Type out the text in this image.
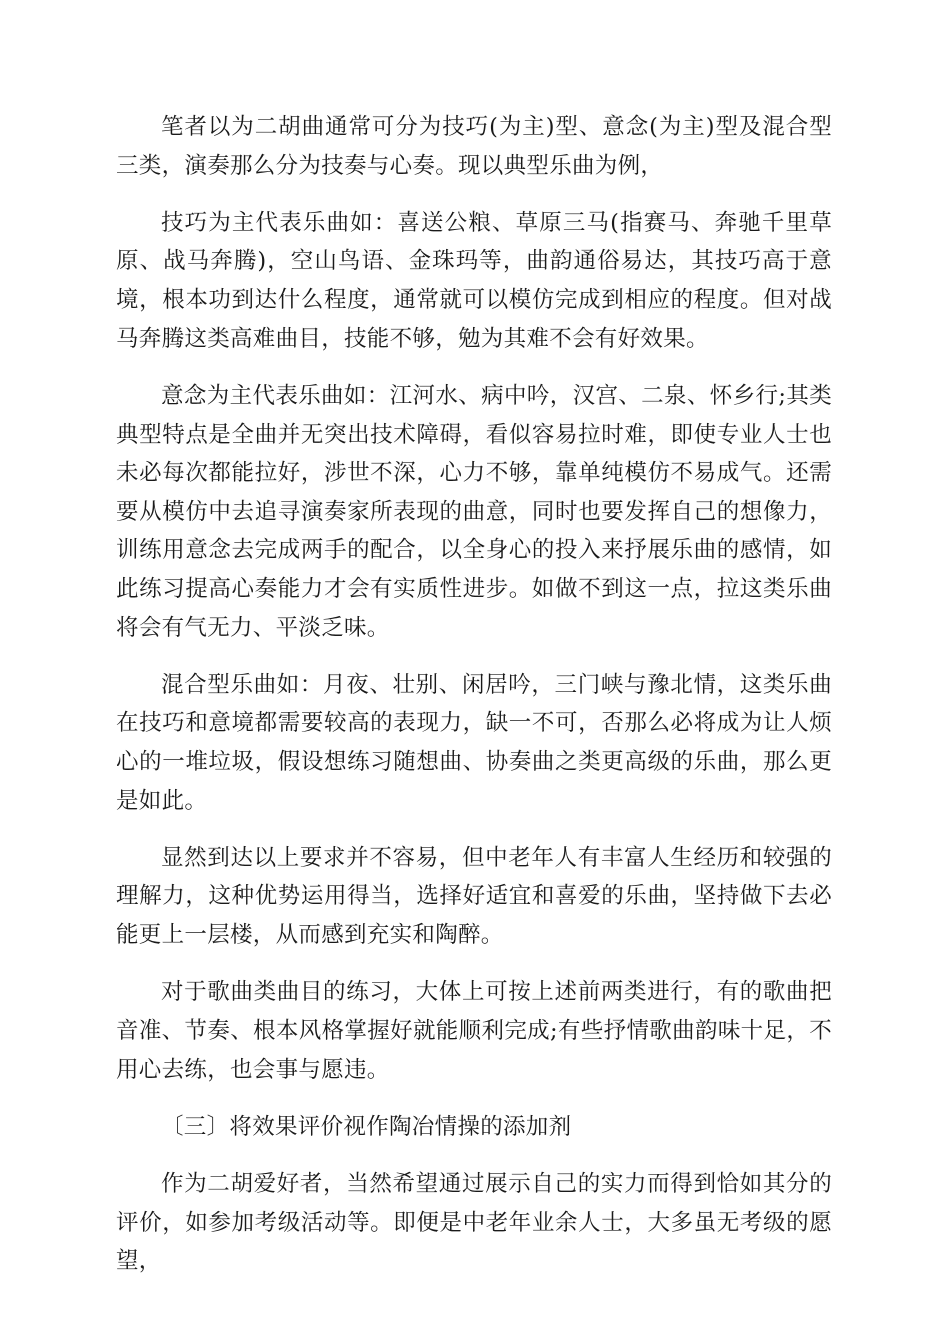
笔者以为二胡曲通常可分为技巧(为主)型、意念(为主)型及混合型三类，演奏那么分为技奏与心奏。现以典型乐曲为例，

技巧为主代表乐曲如：喜送公粮、草原三马(指赛马、奔驰千里草原、战马奔腾)，空山鸟语、金珠玛等，曲韵通俗易达，其技巧高于意境，根本功到达什么程度，通常就可以模仿完成到相应的程度。但对战马奔腾这类高难曲目，技能不够，勉为其难不会有好效果。

意念为主代表乐曲如：江河水、病中吟，汉宫、二泉、怀乡行;其类典型特点是全曲并无突出技术障碍，看似容易拉时难，即使专业人士也未必每次都能拉好，涉世不深，心力不够，靠单纯模仿不易成气。还需要从模仿中去追寻演奏家所表现的曲意，同时也要发挥自己的想像力，训练用意念去完成两手的配合，以全身心的投入来抒展乐曲的感情，如此练习提高心奏能力才会有实质性进步。如做不到这一点，拉这类乐曲将会有气无力、平淡乏味。

混合型乐曲如：月夜、壮别、闲居吟，三门峡与豫北情，这类乐曲在技巧和意境都需要较高的表现力，缺一不可，否那么必将成为让人烦心的一堆垃圾，假设想练习随想曲、协奏曲之类更高级的乐曲，那么更是如此。

显然到达以上要求并不容易，但中老年人有丰富人生经历和较强的理解力，这种优势运用得当，选择好适宜和喜爱的乐曲，坚持做下去必能更上一层楼，从而感到充实和陶醉。

对于歌曲类曲目的练习，大体上可按上述前两类进行，有的歌曲把音准、节奏、根本风格掌握好就能顺利完成;有些抒情歌曲韵味十足，不用心去练，也会事与愿违。

〔三〕将效果评价视作陶冶情操的添加剂

作为二胡爱好者，当然希望通过展示自己的实力而得到恰如其分的评价，如参加考级活动等。即便是中老年业余人士，大多虽无考级的愿望，
